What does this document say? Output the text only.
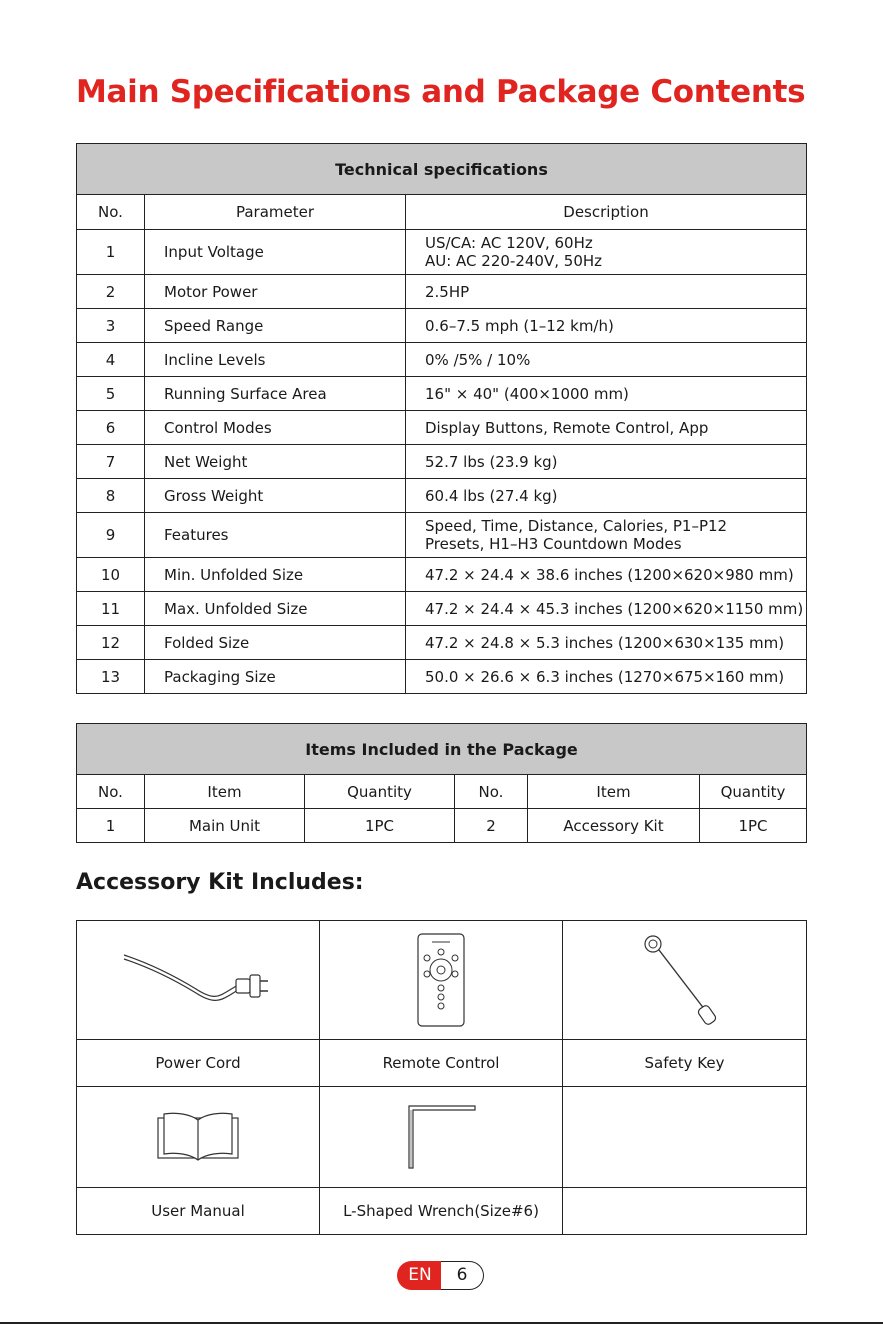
Main Specifications and Package Contents
Technical specifications		
No.	Parameter	Description
1	Input Voltage	US/CA: AC 120V, 60Hz
AU: AC 220-240V, 50Hz

2	Motor Power	2.5HP

3	Speed Range	0.6–7.5 mph (1–12 km/h)

4	Incline Levels	0% /5% / 10%

5	Running Surface Area	16" × 40" (400×1000 mm)

6	Control Modes	Display Buttons, Remote Control, App

7	Net Weight	52.7 lbs (23.9 kg)

8	Gross Weight	60.4 lbs (27.4 kg)

9	Features	Speed, Time, Distance, Calories, P1–P12
Presets, H1–H3 Countdown Modes

10	Min. Unfolded Size	47.2 × 24.4 × 38.6 inches (1200×620×980 mm)

11	Max. Unfolded Size	47.2 × 24.4 × 45.3 inches (1200×620×1150 mm)

12	Folded Size	47.2 × 24.8 × 5.3 inches (1200×630×135 mm)

13	Packaging Size	50.0 × 26.6 × 6.3 inches (1270×675×160 mm)
Items Included in the Package					
No.	Item	Quantity	No.	Item	Quantity
1	Main Unit	1PC	2	Accessory Kit	1PC
Accessory Kit Includes:

Power Cord	Remote Control	Safety Key

User Manual	L-Shaped Wrench(Size#6)	
EN	6
